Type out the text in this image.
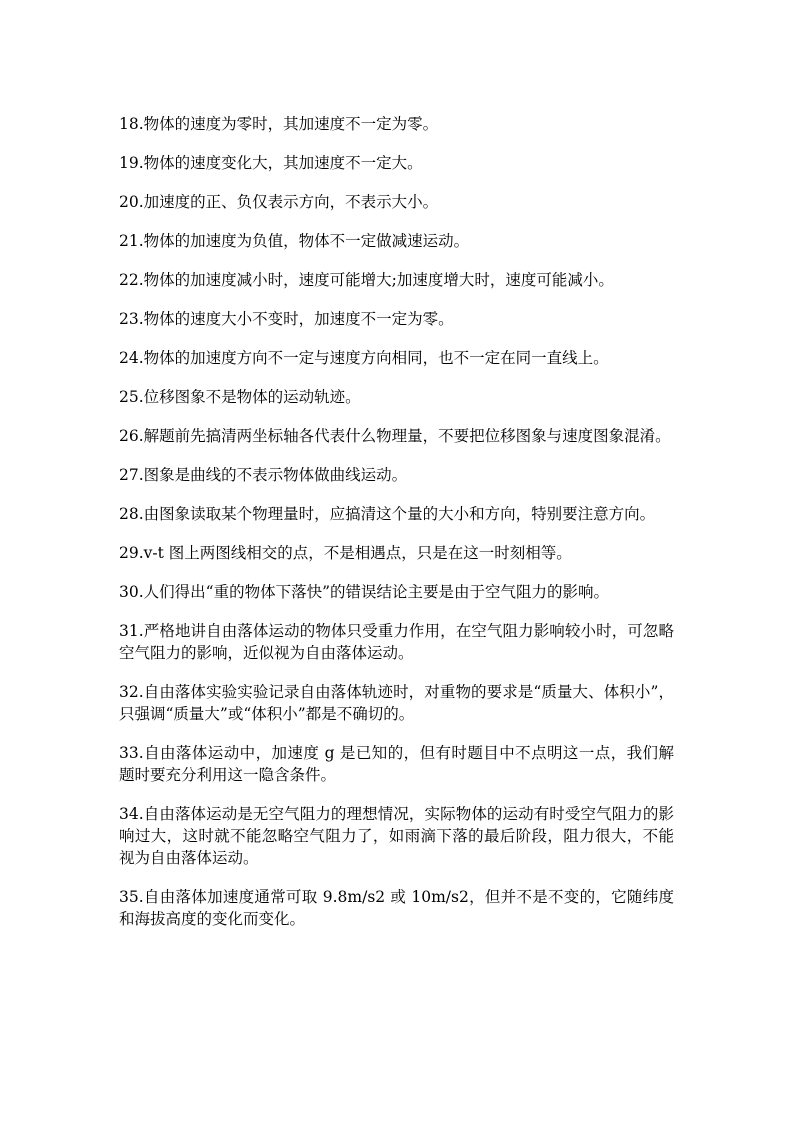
18.物体的速度为零时，其加速度不一定为零。

19.物体的速度变化大，其加速度不一定大。

20.加速度的正、负仅表示方向，不表示大小。

21.物体的加速度为负值，物体不一定做减速运动。

22.物体的加速度减小时，速度可能增大;加速度增大时，速度可能减小。

23.物体的速度大小不变时，加速度不一定为零。

24.物体的加速度方向不一定与速度方向相同，也不一定在同一直线上。

25.位移图象不是物体的运动轨迹。

26.解题前先搞清两坐标轴各代表什么物理量，不要把位移图象与速度图象混淆。

27.图象是曲线的不表示物体做曲线运动。

28.由图象读取某个物理量时，应搞清这个量的大小和方向，特别要注意方向。

29.v-t 图上两图线相交的点，不是相遇点，只是在这一时刻相等。

30.人们得出“重的物体下落快”的错误结论主要是由于空气阻力的影响。

31.严格地讲自由落体运动的物体只受重力作用，在空气阻力影响较小时，可忽略空气阻力的影响，近似视为自由落体运动。

32.自由落体实验实验记录自由落体轨迹时，对重物的要求是“质量大、体积小”，只强调“质量大”或“体积小”都是不确切的。

33.自由落体运动中，加速度 g 是已知的，但有时题目中不点明这一点，我们解题时要充分利用这一隐含条件。

34.自由落体运动是无空气阻力的理想情况，实际物体的运动有时受空气阻力的影响过大，这时就不能忽略空气阻力了，如雨滴下落的最后阶段，阻力很大，不能视为自由落体运动。

35.自由落体加速度通常可取 9.8m/s2 或 10m/s2，但并不是不变的，它随纬度和海拔高度的变化而变化。
